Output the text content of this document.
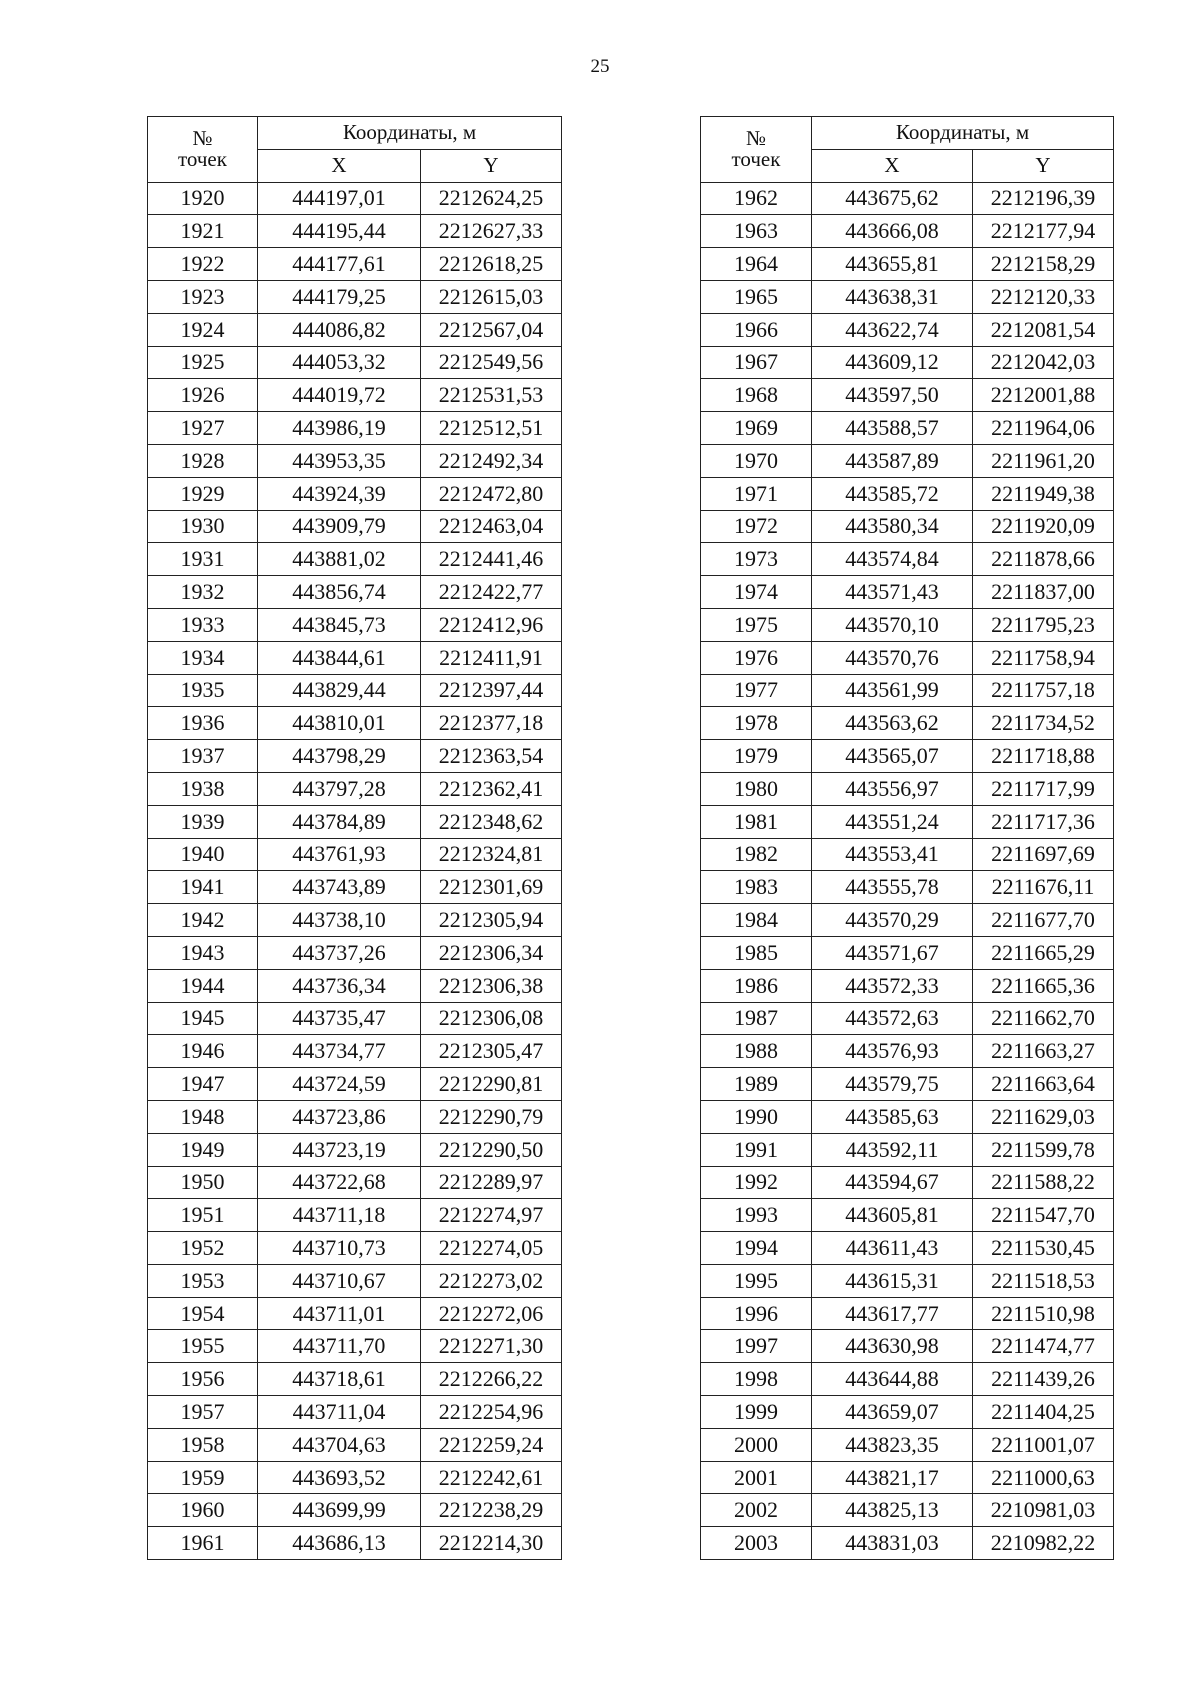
25
№
точек	Координаты, м	
	X	Y
1920	444197,01	2212624,25
1921	444195,44	2212627,33
1922	444177,61	2212618,25
1923	444179,25	2212615,03
1924	444086,82	2212567,04
1925	444053,32	2212549,56
1926	444019,72	2212531,53
1927	443986,19	2212512,51
1928	443953,35	2212492,34
1929	443924,39	2212472,80
1930	443909,79	2212463,04
1931	443881,02	2212441,46
1932	443856,74	2212422,77
1933	443845,73	2212412,96
1934	443844,61	2212411,91
1935	443829,44	2212397,44
1936	443810,01	2212377,18
1937	443798,29	2212363,54
1938	443797,28	2212362,41
1939	443784,89	2212348,62
1940	443761,93	2212324,81
1941	443743,89	2212301,69
1942	443738,10	2212305,94
1943	443737,26	2212306,34
1944	443736,34	2212306,38
1945	443735,47	2212306,08
1946	443734,77	2212305,47
1947	443724,59	2212290,81
1948	443723,86	2212290,79
1949	443723,19	2212290,50
1950	443722,68	2212289,97
1951	443711,18	2212274,97
1952	443710,73	2212274,05
1953	443710,67	2212273,02
1954	443711,01	2212272,06
1955	443711,70	2212271,30
1956	443718,61	2212266,22
1957	443711,04	2212254,96
1958	443704,63	2212259,24
1959	443693,52	2212242,61
1960	443699,99	2212238,29
1961	443686,13	2212214,30
№
точек	Координаты, м	
	X	Y
1962	443675,62	2212196,39
1963	443666,08	2212177,94
1964	443655,81	2212158,29
1965	443638,31	2212120,33
1966	443622,74	2212081,54
1967	443609,12	2212042,03
1968	443597,50	2212001,88
1969	443588,57	2211964,06
1970	443587,89	2211961,20
1971	443585,72	2211949,38
1972	443580,34	2211920,09
1973	443574,84	2211878,66
1974	443571,43	2211837,00
1975	443570,10	2211795,23
1976	443570,76	2211758,94
1977	443561,99	2211757,18
1978	443563,62	2211734,52
1979	443565,07	2211718,88
1980	443556,97	2211717,99
1981	443551,24	2211717,36
1982	443553,41	2211697,69
1983	443555,78	2211676,11
1984	443570,29	2211677,70
1985	443571,67	2211665,29
1986	443572,33	2211665,36
1987	443572,63	2211662,70
1988	443576,93	2211663,27
1989	443579,75	2211663,64
1990	443585,63	2211629,03
1991	443592,11	2211599,78
1992	443594,67	2211588,22
1993	443605,81	2211547,70
1994	443611,43	2211530,45
1995	443615,31	2211518,53
1996	443617,77	2211510,98
1997	443630,98	2211474,77
1998	443644,88	2211439,26
1999	443659,07	2211404,25
2000	443823,35	2211001,07
2001	443821,17	2211000,63
2002	443825,13	2210981,03
2003	443831,03	2210982,22
